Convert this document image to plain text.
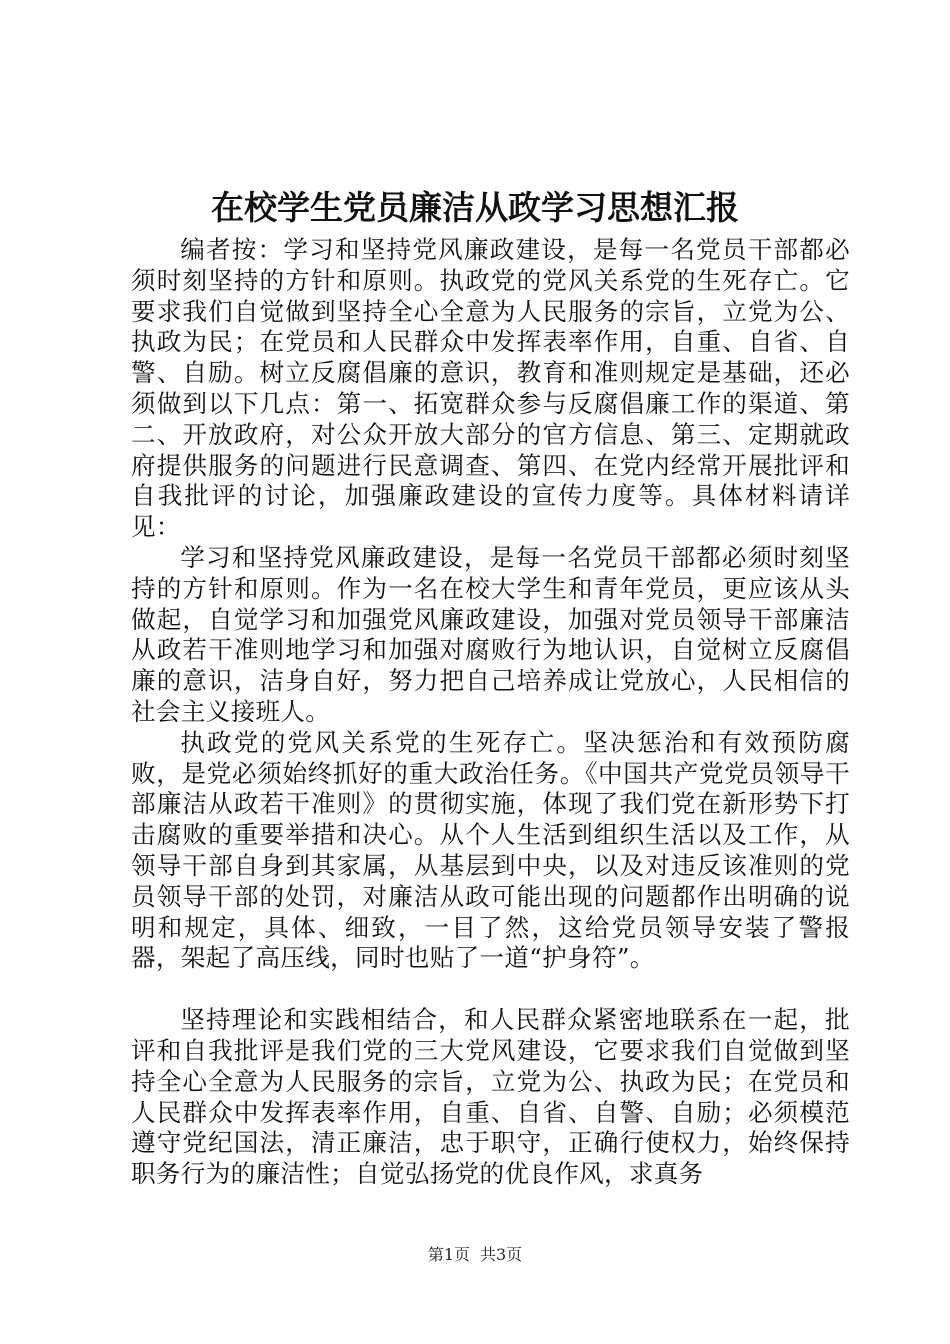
在校学生党员廉洁从政学习思想汇报

编者按：学习和坚持党风廉政建设，是每一名党员干部都必须时刻坚持的方针和原则。执政党的党风关系党的生死存亡。它要求我们自觉做到坚持全心全意为人民服务的宗旨，立党为公、执政为民；在党员和人民群众中发挥表率作用，自重、自省、自警、自励。树立反腐倡廉的意识，教育和准则规定是基础，还必须做到以下几点：第一、拓宽群众参与反腐倡廉工作的渠道、第二、开放政府，对公众开放大部分的官方信息、第三、定期就政府提供服务的问题进行民意调查、第四、在党内经常开展批评和自我批评的讨论，加强廉政建设的宣传力度等。具体材料请详见：

学习和坚持党风廉政建设，是每一名党员干部都必须时刻坚持的方针和原则。作为一名在校大学生和青年党员，更应该从头做起，自觉学习和加强党风廉政建设，加强对党员领导干部廉洁从政若干准则地学习和加强对腐败行为地认识，自觉树立反腐倡廉的意识，洁身自好，努力把自己培养成让党放心，人民相信的社会主义接班人。

执政党的党风关系党的生死存亡。坚决惩治和有效预防腐败，是党必须始终抓好的重大政治任务。《中国共产党党员领导干部廉洁从政若干准则》的贯彻实施，体现了我们党在新形势下打击腐败的重要举措和决心。从个人生活到组织生活以及工作，从领导干部自身到其家属，从基层到中央，以及对违反该准则的党员领导干部的处罚，对廉洁从政可能出现的问题都作出明确的说明和规定，具体、细致，一目了然，这给党员领导安装了警报器，架起了高压线，同时也贴了一道“护身符”。

坚持理论和实践相结合，和人民群众紧密地联系在一起，批评和自我批评是我们党的三大党风建设，它要求我们自觉做到坚持全心全意为人民服务的宗旨，立党为公、执政为民；在党员和人民群众中发挥表率作用，自重、自省、自警、自励；必须模范遵守党纪国法，清正廉洁，忠于职守，正确行使权力，始终保持职务行为的廉洁性；自觉弘扬党的优良作风，求真务

第1页 共3页
